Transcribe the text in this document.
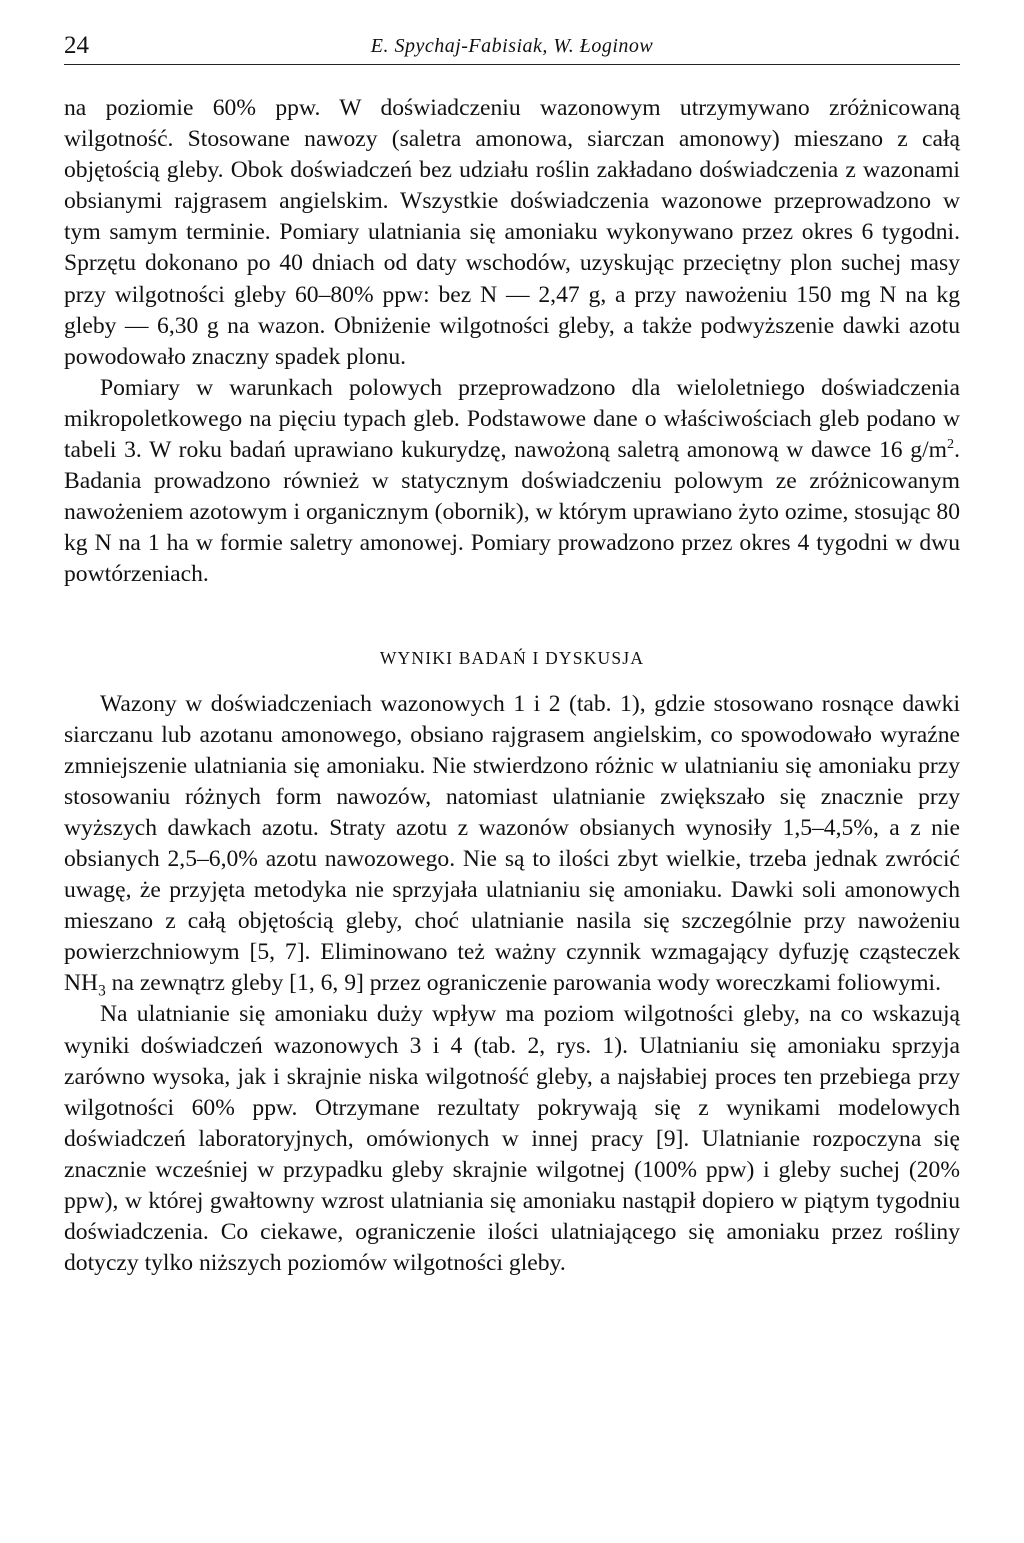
24	E. Spychaj-Fabisiak, W. Łoginow

na poziomie 60% ppw. W doświadczeniu wazonowym utrzymywano zróżnicowaną wilgotność. Stosowane nawozy (saletra amonowa, siarczan amonowy) mieszano z całą objętością gleby. Obok doświadczeń bez udziału roślin zakładano doświadczenia z wazonami obsianymi rajgrasem angielskim. Wszystkie doświadczenia wazonowe przeprowadzono w tym samym terminie. Pomiary ulatniania się amoniaku wykonywano przez okres 6 tygodni. Sprzętu dokonano po 40 dniach od daty wschodów, uzyskując przeciętny plon suchej masy przy wilgotności gleby 60–80% ppw: bez N — 2,47 g, a przy nawożeniu 150 mg N na kg gleby — 6,30 g na wazon. Obniżenie wilgotności gleby, a także podwyższenie dawki azotu powodowało znaczny spadek plonu.

Pomiary w warunkach polowych przeprowadzono dla wieloletniego doświadczenia mikropoletkowego na pięciu typach gleb. Podstawowe dane o właściwościach gleb podano w tabeli 3. W roku badań uprawiano kukurydzę, nawożoną saletrą amonową w dawce 16 $g/m^2$. Badania prowadzono również w statycznym doświadczeniu polowym ze zróżnicowanym nawożeniem azotowym i organicznym (obornik), w którym uprawiano żyto ozime, stosując 80 kg N na 1 ha w formie saletry amonowej. Pomiary prowadzono przez okres 4 tygodni w dwu powtórzeniach.

WYNIKI BADAŃ I DYSKUSJA

Wazony w doświadczeniach wazonowych 1 i 2 (tab. 1), gdzie stosowano rosnące dawki siarczanu lub azotanu amonowego, obsiano rajgrasem angielskim, co spowodowało wyraźne zmniejszenie ulatniania się amoniaku. Nie stwierdzono różnic w ulatnianiu się amoniaku przy stosowaniu różnych form nawozów, natomiast ulatnianie zwiększało się znacznie przy wyższych dawkach azotu. Straty azotu z wazonów obsianych wynosiły 1,5–4,5%, a z nie obsianych 2,5–6,0% azotu nawozowego. Nie są to ilości zbyt wielkie, trzeba jednak zwrócić uwagę, że przyjęta metodyka nie sprzyjała ulatnianiu się amoniaku. Dawki soli amonowych mieszano z całą objętością gleby, choć ulatnianie nasila się szczególnie przy nawożeniu powierzchniowym [5, 7]. Eliminowano też ważny czynnik wzmagający dyfuzję cząsteczek $NH_3$ na zewnątrz gleby [1, 6, 9] przez ograniczenie parowania wody woreczkami foliowymi.

Na ulatnianie się amoniaku duży wpływ ma poziom wilgotności gleby, na co wskazują wyniki doświadczeń wazonowych 3 i 4 (tab. 2, rys. 1). Ulatnianiu się amoniaku sprzyja zarówno wysoka, jak i skrajnie niska wilgotność gleby, a najsłabiej proces ten przebiega przy wilgotności 60% ppw. Otrzymane rezultaty pokrywają się z wynikami modelowych doświadczeń laboratoryjnych, omówionych w innej pracy [9]. Ulatnianie rozpoczyna się znacznie wcześniej w przypadku gleby skrajnie wilgotnej (100% ppw) i gleby suchej (20% ppw), w której gwałtowny wzrost ulatniania się amoniaku nastąpił dopiero w piątym tygodniu doświadczenia. Co ciekawe, ograniczenie ilości ulatniającego się amoniaku przez rośliny dotyczy tylko niższych poziomów wilgotności gleby.
